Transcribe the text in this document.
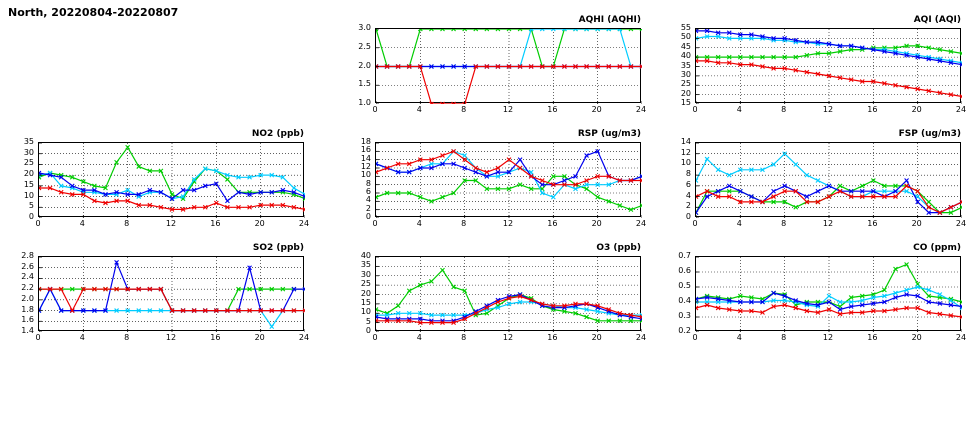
North, 20220804-20220807
AQHI (AQHI)
1.0
1.5
2.0
2.5
3.0
0	4	8	12	16	20	24
AQI (AQI)
15
20
25
30
35
40
45
50
55
0	4	8	12	16	20	24
NO2 (ppb)
0
5
10
15
20
25
30
35
0	4	8	12	16	20	24
RSP (ug/m3)
0
2
4
6
8
10
12
14
16
18
0	4	8	12	16	20	24
FSP (ug/m3)
0
2
4
6
8
10
12
14
0	4	8	12	16	20	24
SO2 (ppb)
1.4
1.6
1.8
2.0
2.2
2.4
2.6
2.8
0	4	8	12	16	20	24
O3 (ppb)
0
5
10
15
20
25
30
35
40
0	4	8	12	16	20	24
CO (ppm)
0.2
0.3
0.4
0.5
0.6
0.7
0	4	8	12	16	20	24
